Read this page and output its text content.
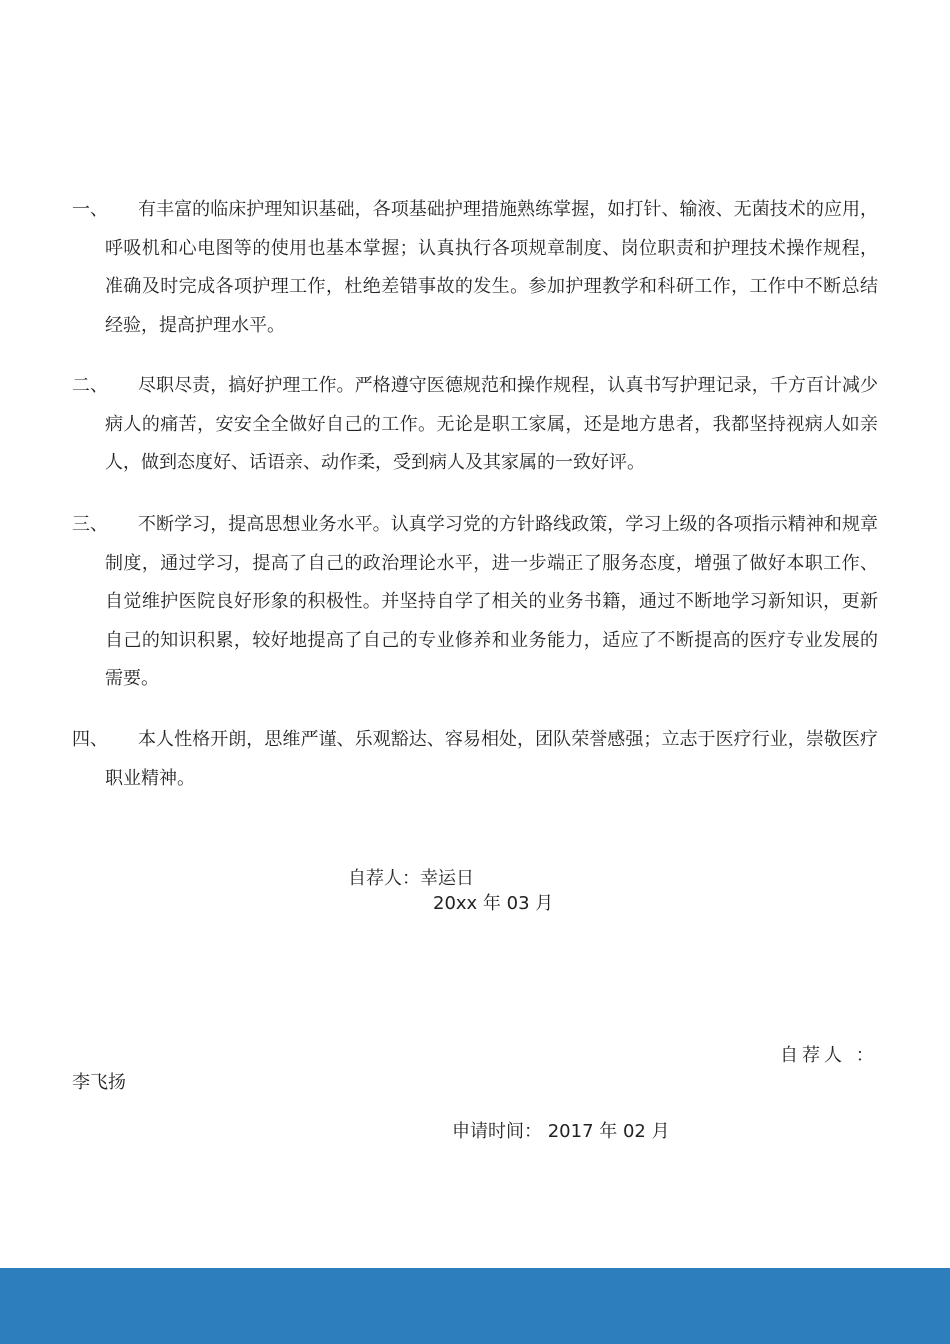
一、	有丰富的临床护理知识基础，各项基础护理措施熟练掌握，如打针、输液、无菌技术的应用，呼吸机和心电图等的使用也基本掌握；认真执行各项规章制度、岗位职责和护理技术操作规程，准确及时完成各项护理工作，杜绝差错事故的发生。参加护理教学和科研工作，工作中不断总结经验，提高护理水平。
二、	尽职尽责，搞好护理工作。严格遵守医德规范和操作规程，认真书写护理记录，千方百计减少病人的痛苦，安安全全做好自己的工作。无论是职工家属，还是地方患者，我都坚持视病人如亲人，做到态度好、话语亲、动作柔，受到病人及其家属的一致好评。
三、	不断学习，提高思想业务水平。认真学习党的方针路线政策，学习上级的各项指示精神和规章制度，通过学习，提高了自己的政治理论水平，进一步端正了服务态度，增强了做好本职工作、自觉维护医院良好形象的积极性。并坚持自学了相关的业务书籍，通过不断地学习新知识，更新自己的知识积累，较好地提高了自己的专业修养和业务能力，适应了不断提高的医疗专业发展的需要。
四、	本人性格开朗，思维严谨、乐观豁达、容易相处，团队荣誉感强；立志于医疗行业，崇敬医疗职业精神。
自荐人：幸运日
20xx 年 03 月
自荐人 ：
李飞扬
申请时间： 2017 年 02 月
